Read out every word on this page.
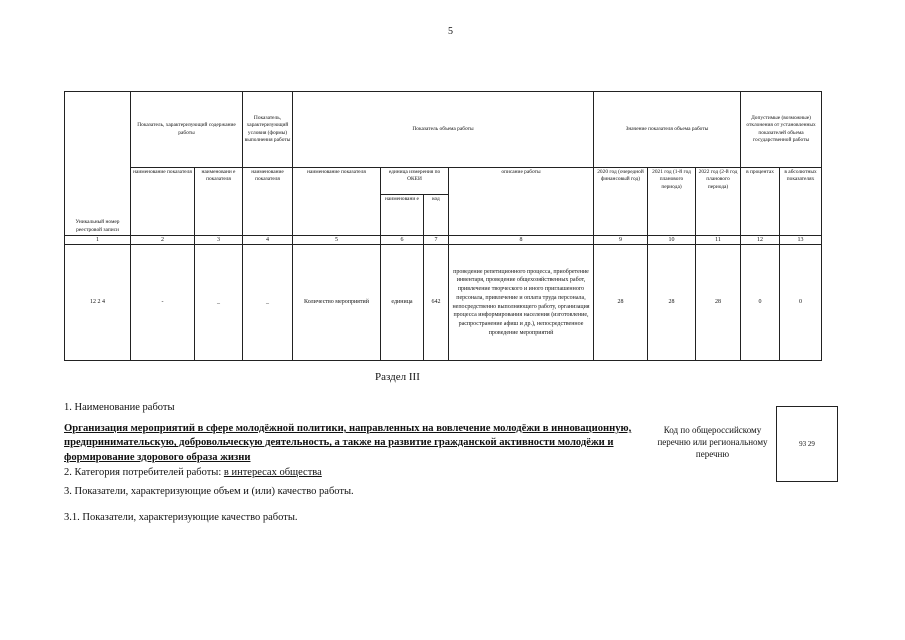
5
Уникальный номер реестровой записи	Показатель, характеризующий содержание работы		Показатель, характеризующий условия (формы) выполнения работы	Показатель объема работы				Значение показателя объема работы			Допустимые (возможные) отклонения от установленных показателей объема государственной работы	
	наименование показателя	наименовани е показателя	наименование показателя	наименование показателя	единица измерения по ОКЕИ		описание работы	2020 год (очередной финансовый год)	2021 год (1-й год планового периода)	2022 год (2-й год планового периода)	в процентах	в абсолютных показателях
					наименовани е	код						
1	2	3	4	5	6	7	8	9	10	11	12	13
12 2 4	-	_	_	Количество мероприятий	единица	642	проведение репетиционного процесса, приобретение инвентаря, проведение общехозяйственных работ, привлечение творческого и иного приглашенного персонала, привлечение и оплата труда персонала, непосредственно выполняющего работу, организация процесса информирования населения (изготовление, распространение афиш и др.), непосредственное проведение мероприятий	28	28	28	0	0
Раздел III
1. Наименование работы
Организация мероприятий в сфере молодёжной политики, направленных на вовлечение молодёжи в инновационную, предпринимательскую, добровольческую деятельность, а также на развитие гражданской активности молодёжи и формирование здорового образа жизни
Код по общероссийскому перечню или региональному перечню
93 29
2. Категория потребителей работы: в интересах общества
3. Показатели, характеризующие объем и (или) качество работы.
3.1. Показатели, характеризующие качество работы.
